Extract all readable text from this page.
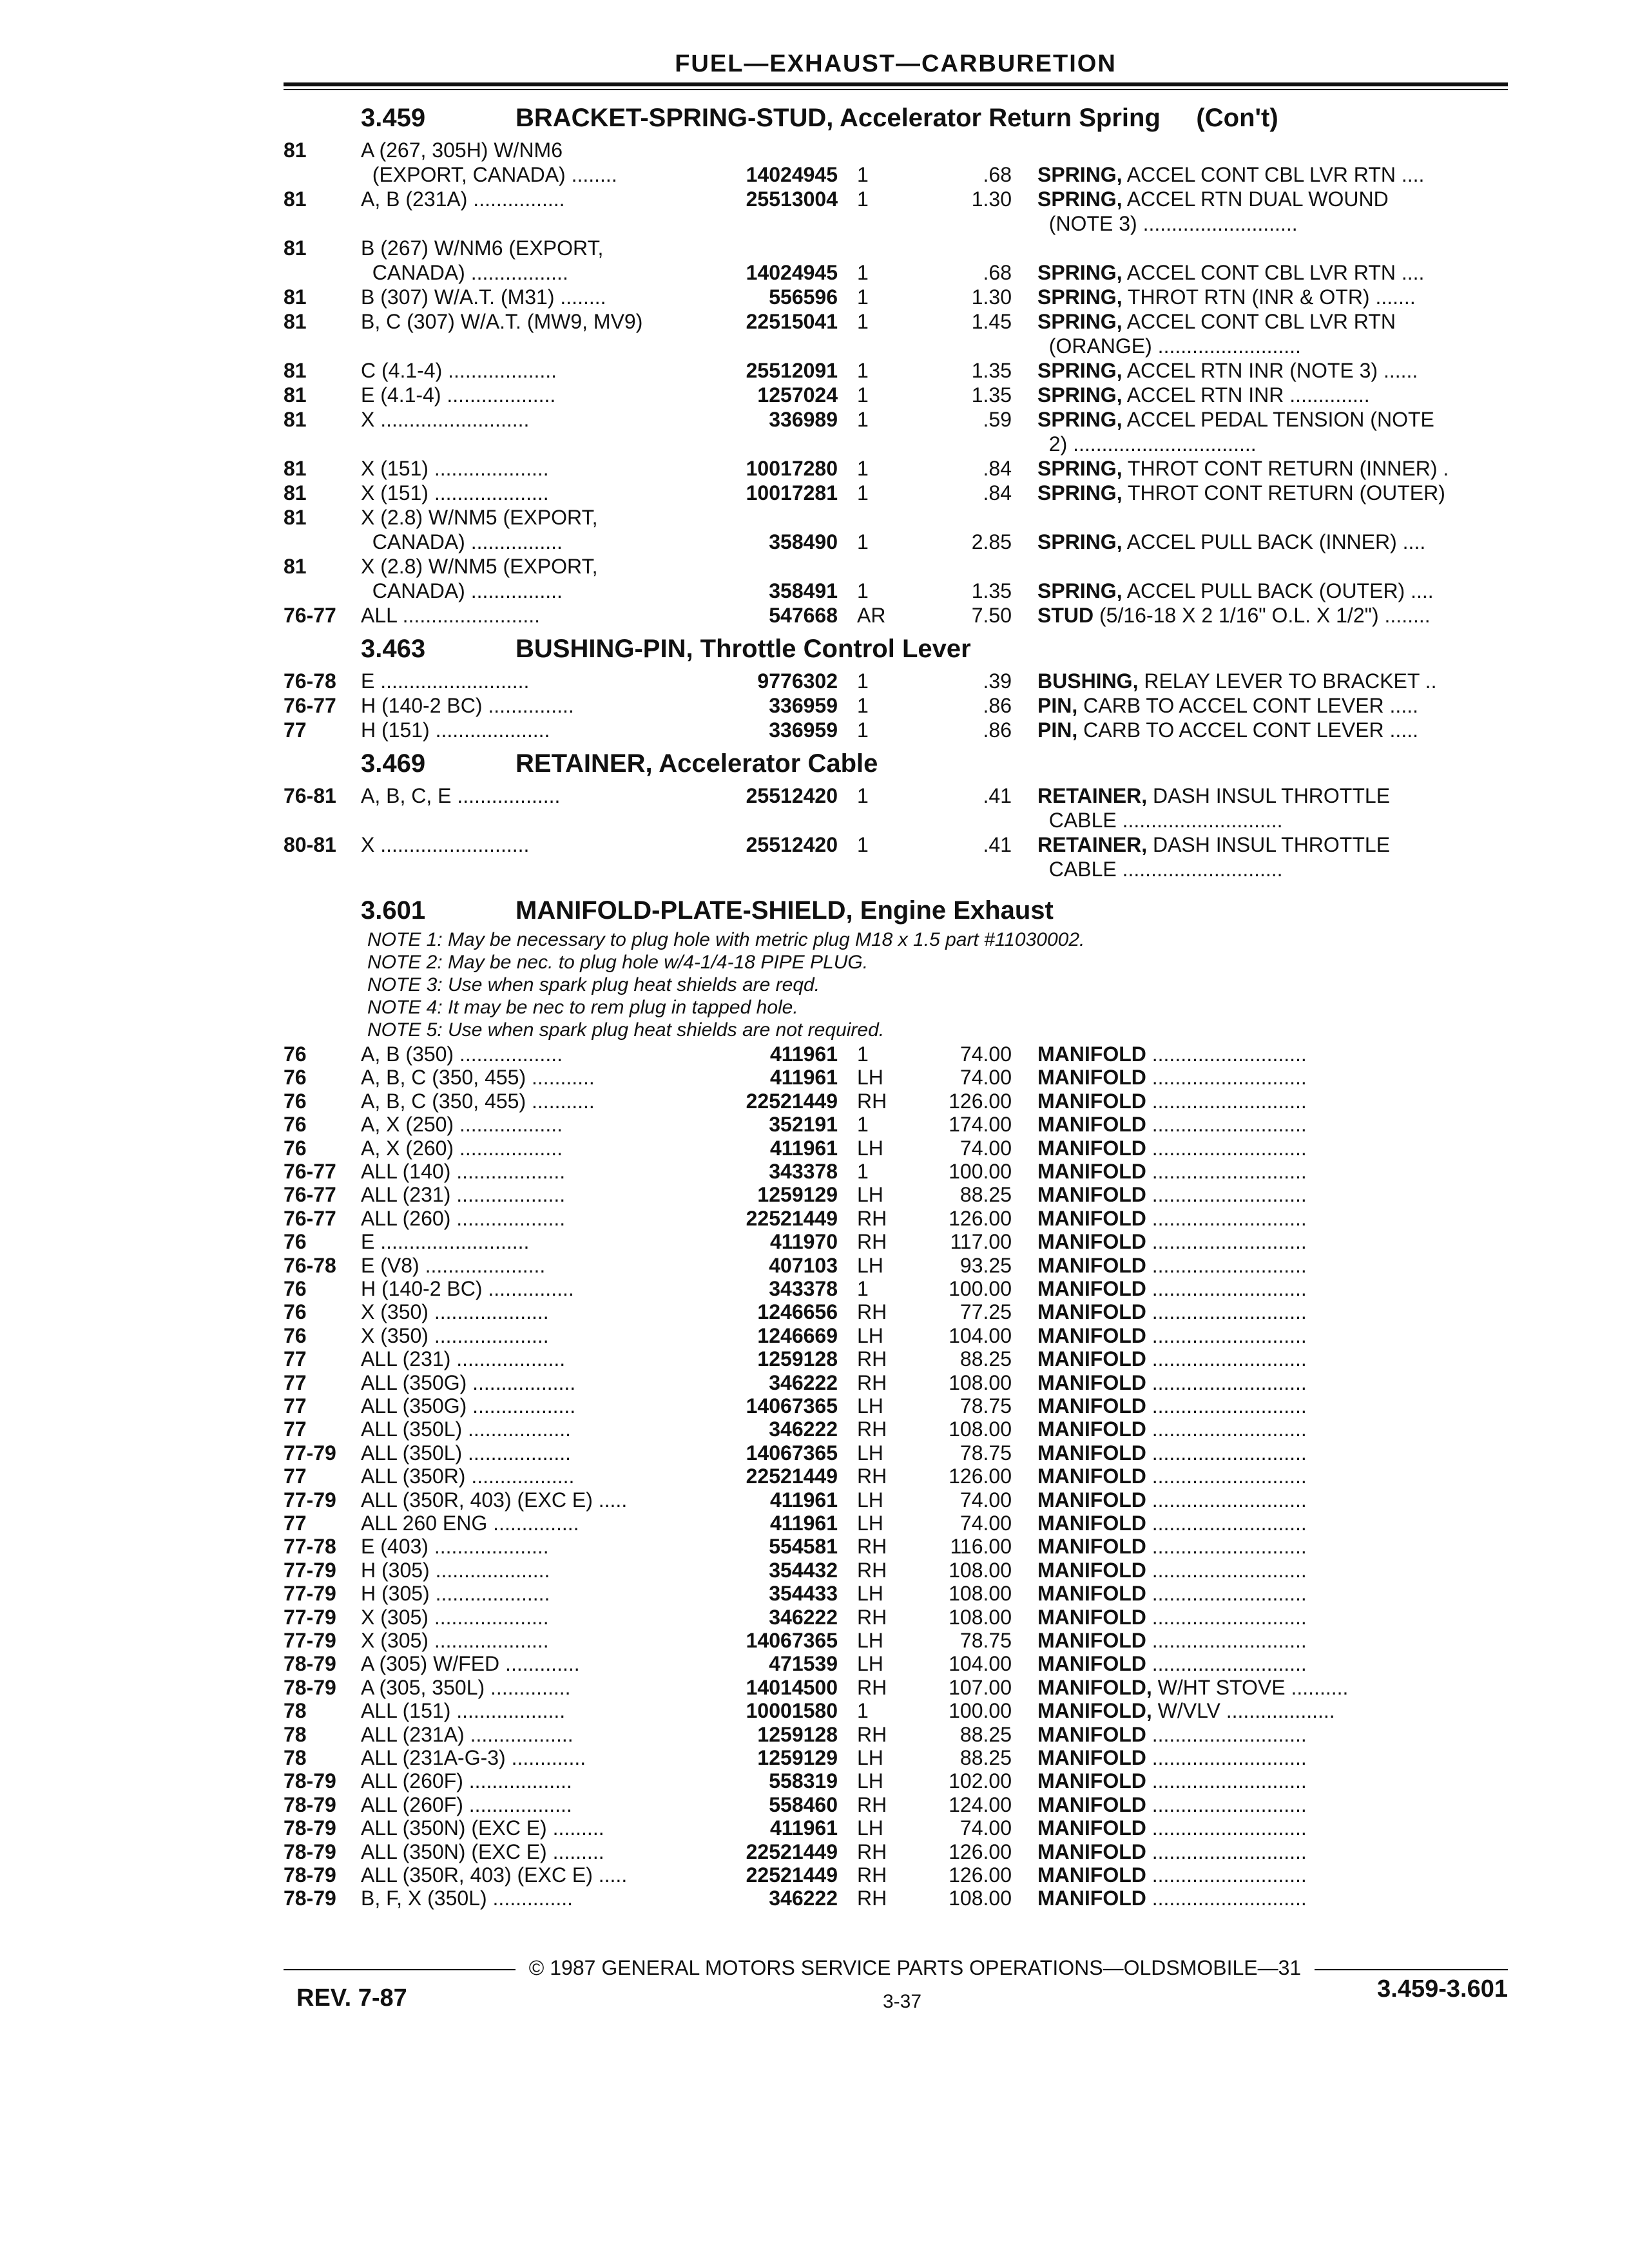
FUEL—EXHAUST—CARBURETION
3.459	BRACKET-SPRING-STUD, Accelerator Return Spring     (Con't)
81	A (267, 305H) W/NM6
(EXPORT, CANADA) ........	14024945 1	.68 SPRING, ACCEL CONT CBL LVR RTN ....
81	A, B (231A) ................	25513004 1	1.30 SPRING, ACCEL RTN DUAL WOUND
(NOTE 3) ...........................
81	B (267) W/NM6 (EXPORT,
CANADA) .................	14024945 1	.68 SPRING, ACCEL CONT CBL LVR RTN ....
81	B (307) W/A.T. (M31) ........	556596 1	1.30 SPRING, THROT RTN (INR & OTR) .......
81	B, C (307) W/A.T. (MW9, MV9)	22515041 1	1.45 SPRING, ACCEL CONT CBL LVR RTN
(ORANGE) .........................
81	C (4.1-4) ...................	25512091 1	1.35 SPRING, ACCEL RTN INR (NOTE 3) ......
81	E (4.1-4) ...................	1257024 1	1.35 SPRING, ACCEL RTN INR ..............
81	X ..........................	336989 1	.59 SPRING, ACCEL PEDAL TENSION (NOTE
2) ................................
81	X (151) ....................	10017280 1	.84 SPRING, THROT CONT RETURN (INNER) .
81	X (151) ....................	10017281 1	.84 SPRING, THROT CONT RETURN (OUTER)
81	X (2.8) W/NM5 (EXPORT,
CANADA) ................	358490 1	2.85 SPRING, ACCEL PULL BACK (INNER) ....
81	X (2.8) W/NM5 (EXPORT,
CANADA) ................	358491 1	1.35 SPRING, ACCEL PULL BACK (OUTER) ....
76-77 ALL ........................	547668 AR	7.50 STUD (5/16-18 X 2 1/16" O.L. X 1/2") ........
3.463	BUSHING-PIN, Throttle Control Lever
76-78 E ..........................	9776302 1	.39 BUSHING, RELAY LEVER TO BRACKET ..
76-77 H (140-2 BC) ...............	336959 1	.86 PIN, CARB TO ACCEL CONT LEVER .....
77	H (151) ....................	336959 1	.86 PIN, CARB TO ACCEL CONT LEVER .....
3.469	RETAINER, Accelerator Cable
76-81 A, B, C, E ..................	25512420 1	.41 RETAINER, DASH INSUL THROTTLE
CABLE ............................
80-81 X ..........................	25512420 1	.41 RETAINER, DASH INSUL THROTTLE
CABLE ............................
3.601	MANIFOLD-PLATE-SHIELD, Engine Exhaust
NOTE 1: May be necessary to plug hole with metric plug M18 x 1.5 part #11030002.
NOTE 2: May be nec. to plug hole w/4-1/4-18 PIPE PLUG.
NOTE 3: Use when spark plug heat shields are reqd.
NOTE 4: It may be nec to rem plug in tapped hole.
NOTE 5: Use when spark plug heat shields are not required.
76	A, B (350) ..................	411961 1	74.00 MANIFOLD ...........................
76	A, B, C (350, 455) ...........	411961 LH	74.00 MANIFOLD ...........................
76	A, B, C (350, 455) ...........	22521449 RH	126.00 MANIFOLD ...........................
76	A, X (250) ..................	352191 1	174.00 MANIFOLD ...........................
76	A, X (260) ..................	411961 LH	74.00 MANIFOLD ...........................
76-77 ALL (140) ...................	343378 1	100.00 MANIFOLD ...........................
76-77 ALL (231) ...................	1259129 LH	88.25 MANIFOLD ...........................
76-77 ALL (260) ...................	22521449 RH	126.00 MANIFOLD ...........................
76	E ..........................	411970 RH	117.00 MANIFOLD ...........................
76-78 E (V8) .....................	407103 LH	93.25 MANIFOLD ...........................
76	H (140-2 BC) ...............	343378 1	100.00 MANIFOLD ...........................
76	X (350) ....................	1246656 RH	77.25 MANIFOLD ...........................
76	X (350) ....................	1246669 LH	104.00 MANIFOLD ...........................
77	ALL (231) ...................	1259128 RH	88.25 MANIFOLD ...........................
77	ALL (350G) ..................	346222 RH	108.00 MANIFOLD ...........................
77	ALL (350G) ..................	14067365 LH	78.75 MANIFOLD ...........................
77	ALL (350L) ..................	346222 RH	108.00 MANIFOLD ...........................
77-79 ALL (350L) ..................	14067365 LH	78.75 MANIFOLD ...........................
77	ALL (350R) ..................	22521449 RH	126.00 MANIFOLD ...........................
77-79 ALL (350R, 403) (EXC E) .....	411961 LH	74.00 MANIFOLD ...........................
77	ALL 260 ENG ...............	411961 LH	74.00 MANIFOLD ...........................
77-78 E (403) ....................	554581 RH	116.00 MANIFOLD ...........................
77-79 H (305) ....................	354432 RH	108.00 MANIFOLD ...........................
77-79 H (305) ....................	354433 LH	108.00 MANIFOLD ...........................
77-79 X (305) ....................	346222 RH	108.00 MANIFOLD ...........................
77-79 X (305) ....................	14067365 LH	78.75 MANIFOLD ...........................
78-79 A (305) W/FED .............	471539 LH	104.00 MANIFOLD ...........................
78-79 A (305, 350L) ..............	14014500 RH	107.00 MANIFOLD, W/HT STOVE ..........
78	ALL (151) ...................	10001580 1	100.00 MANIFOLD, W/VLV ...................
78	ALL (231A) ..................	1259128 RH	88.25 MANIFOLD ...........................
78	ALL (231A-G-3) .............	1259129 LH	88.25 MANIFOLD ...........................
78-79 ALL (260F) ..................	558319 LH	102.00 MANIFOLD ...........................
78-79 ALL (260F) ..................	558460 RH	124.00 MANIFOLD ...........................
78-79 ALL (350N) (EXC E) .........	411961 LH	74.00 MANIFOLD ...........................
78-79 ALL (350N) (EXC E) .........	22521449 RH	126.00 MANIFOLD ...........................
78-79 ALL (350R, 403) (EXC E) .....	22521449 RH	126.00 MANIFOLD ...........................
78-79 B, F, X (350L) ..............	346222 RH	108.00 MANIFOLD ...........................
© 1987 GENERAL MOTORS SERVICE PARTS OPERATIONS—OLDSMOBILE—31
REV. 7-87	3-37	3.459-3.601
